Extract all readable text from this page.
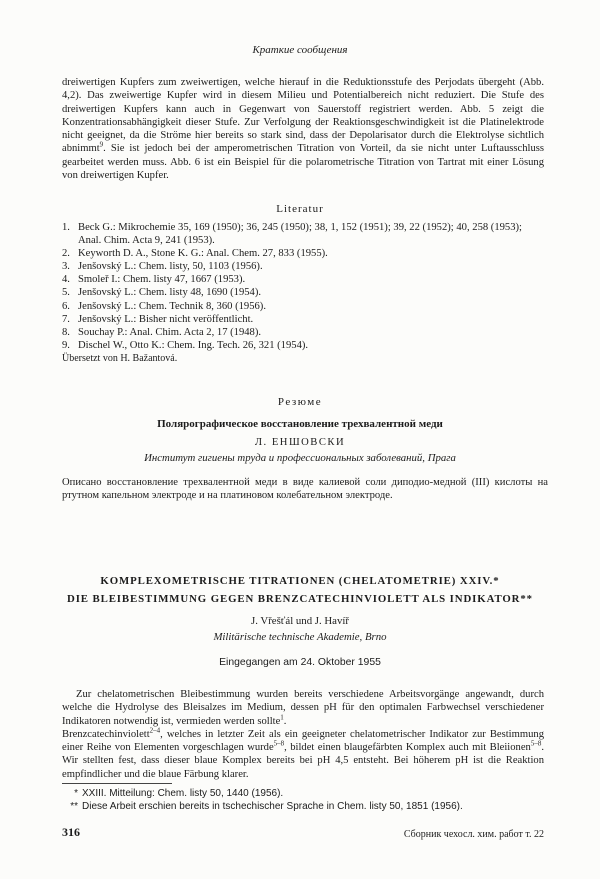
Краткие сообщения
dreiwertigen Kupfers zum zweiwertigen, welche hierauf in die Reduktionsstufe des Perjodats übergeht (Abb. 4,2). Das zweiwertige Kupfer wird in diesem Milieu und Potentialbereich nicht reduziert. Die Stufe des dreiwertigen Kupfers kann auch in Gegenwart von Sauerstoff registriert werden. Abb. 5 zeigt die Konzentrationsabhängigkeit dieser Stufe. Zur Verfolgung der Reaktionsgeschwindigkeit ist die Platinelektrode nicht geeignet, da die Ströme hier bereits so stark sind, dass der Depolarisator durch die Elektrolyse sichtlich abnimmt$^9$. Sie ist jedoch bei der amperometrischen Titration von Vorteil, da sie nicht unter Luftausschluss gearbeitet werden muss. Abb. 6 ist ein Beispiel für die polarometrische Titration von Tartrat mit einer Lösung von dreiwertigen Kupfer.
Literatur
1. Beck G.: Mikrochemie 35, 169 (1950); 36, 245 (1950); 38, 1, 152 (1951); 39, 22 (1952); 40, 258 (1953); Anal. Chim. Acta 9, 241 (1953).
2. Keyworth D. A., Stone K. G.: Anal. Chem. 27, 833 (1955).
3. Jenšovský L.: Chem. listy, 50, 1103 (1956).
4. Smoleř I.: Chem. listy 47, 1667 (1953).
5. Jenšovský L.: Chem. listy 48, 1690 (1954).
6. Jenšovský L.: Chem. Technik 8, 360 (1956).
7. Jenšovský L.: Bisher nicht veröffentlicht.
8. Souchay P.: Anal. Chim. Acta 2, 17 (1948).
9. Dischel W., Otto K.: Chem. Ing. Tech. 26, 321 (1954).
Übersetzt von H. Bažantová.
Резюме
Полярографическое восстановление трехвалентной меди
Л. ЕНШОВСКИ
Институт гигиены труда и профессиональных заболеваний, Прага
Описано восстановление трехвалентной меди в виде калиевой соли диподио-медной (III) кислоты на ртутном капельном электроде и на платиновом колебательном электроде.
KOMPLEXOMETRISCHE TITRATIONEN (CHELATOMETRIE) XXIV.*
DIE BLEIBESTIMMUNG GEGEN BRENZCATECHINVIOLETT ALS INDIKATOR**
J. Vřešťál und J. Havíř
Militärische technische Akademie, Brno
Eingegangen am 24. Oktober 1955
Zur chelatometrischen Bleibestimmung wurden bereits verschiedene Arbeitsvorgänge angewandt, durch welche die Hydrolyse des Bleisalzes im Medium, dessen pH für den optimalen Farbwechsel verschiedener Indikatoren notwendig ist, vermieden werden sollte$^1$.
Brenzcatechinviolett$^{2-4}$, welches in letzter Zeit als ein geeigneter chelatometrischer Indikator zur Bestimmung einer Reihe von Elementen vorgeschlagen wurde$^{5-8}$, bildet einen blaugefärbten Komplex auch mit Bleiionen$^{5-8}$. Wir stellten fest, dass dieser blaue Komplex bereits bei pH 4,5 entsteht. Bei höherem pH ist die Reaktion empfindlicher und die blaue Färbung klarer.
* XXIII. Mitteilung: Chem. listy 50, 1440 (1956).
** Diese Arbeit erschien bereits in tschechischer Sprache in Chem. listy 50, 1851 (1956).
316	Сборник чехосл. хим. работ т. 22
